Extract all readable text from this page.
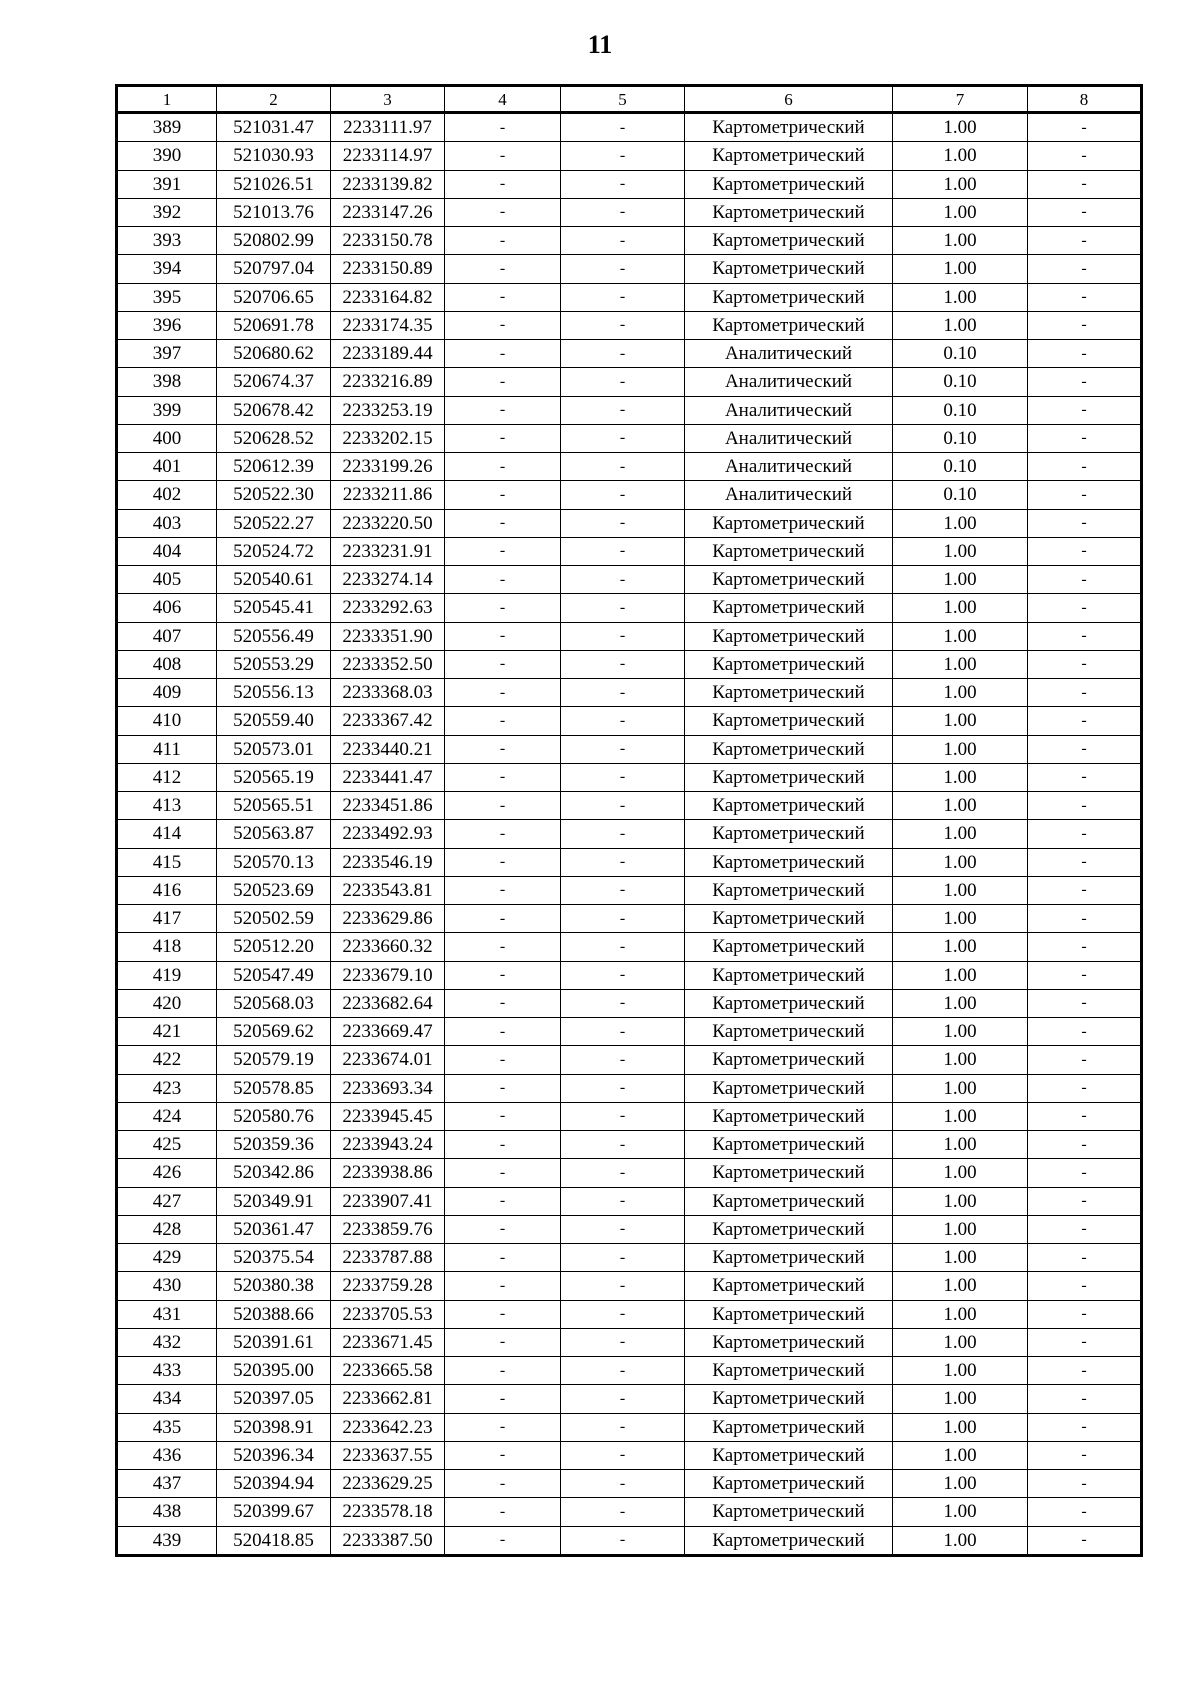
11
1	2	3	4	5	6	7	8
389	521031.47	2233111.97	-	-	Картометрический	1.00	-
390	521030.93	2233114.97	-	-	Картометрический	1.00	-
391	521026.51	2233139.82	-	-	Картометрический	1.00	-
392	521013.76	2233147.26	-	-	Картометрический	1.00	-
393	520802.99	2233150.78	-	-	Картометрический	1.00	-
394	520797.04	2233150.89	-	-	Картометрический	1.00	-
395	520706.65	2233164.82	-	-	Картометрический	1.00	-
396	520691.78	2233174.35	-	-	Картометрический	1.00	-
397	520680.62	2233189.44	-	-	Аналитический	0.10	-
398	520674.37	2233216.89	-	-	Аналитический	0.10	-
399	520678.42	2233253.19	-	-	Аналитический	0.10	-
400	520628.52	2233202.15	-	-	Аналитический	0.10	-
401	520612.39	2233199.26	-	-	Аналитический	0.10	-
402	520522.30	2233211.86	-	-	Аналитический	0.10	-
403	520522.27	2233220.50	-	-	Картометрический	1.00	-
404	520524.72	2233231.91	-	-	Картометрический	1.00	-
405	520540.61	2233274.14	-	-	Картометрический	1.00	-
406	520545.41	2233292.63	-	-	Картометрический	1.00	-
407	520556.49	2233351.90	-	-	Картометрический	1.00	-
408	520553.29	2233352.50	-	-	Картометрический	1.00	-
409	520556.13	2233368.03	-	-	Картометрический	1.00	-
410	520559.40	2233367.42	-	-	Картометрический	1.00	-
411	520573.01	2233440.21	-	-	Картометрический	1.00	-
412	520565.19	2233441.47	-	-	Картометрический	1.00	-
413	520565.51	2233451.86	-	-	Картометрический	1.00	-
414	520563.87	2233492.93	-	-	Картометрический	1.00	-
415	520570.13	2233546.19	-	-	Картометрический	1.00	-
416	520523.69	2233543.81	-	-	Картометрический	1.00	-
417	520502.59	2233629.86	-	-	Картометрический	1.00	-
418	520512.20	2233660.32	-	-	Картометрический	1.00	-
419	520547.49	2233679.10	-	-	Картометрический	1.00	-
420	520568.03	2233682.64	-	-	Картометрический	1.00	-
421	520569.62	2233669.47	-	-	Картометрический	1.00	-
422	520579.19	2233674.01	-	-	Картометрический	1.00	-
423	520578.85	2233693.34	-	-	Картометрический	1.00	-
424	520580.76	2233945.45	-	-	Картометрический	1.00	-
425	520359.36	2233943.24	-	-	Картометрический	1.00	-
426	520342.86	2233938.86	-	-	Картометрический	1.00	-
427	520349.91	2233907.41	-	-	Картометрический	1.00	-
428	520361.47	2233859.76	-	-	Картометрический	1.00	-
429	520375.54	2233787.88	-	-	Картометрический	1.00	-
430	520380.38	2233759.28	-	-	Картометрический	1.00	-
431	520388.66	2233705.53	-	-	Картометрический	1.00	-
432	520391.61	2233671.45	-	-	Картометрический	1.00	-
433	520395.00	2233665.58	-	-	Картометрический	1.00	-
434	520397.05	2233662.81	-	-	Картометрический	1.00	-
435	520398.91	2233642.23	-	-	Картометрический	1.00	-
436	520396.34	2233637.55	-	-	Картометрический	1.00	-
437	520394.94	2233629.25	-	-	Картометрический	1.00	-
438	520399.67	2233578.18	-	-	Картометрический	1.00	-
439	520418.85	2233387.50	-	-	Картометрический	1.00	-
